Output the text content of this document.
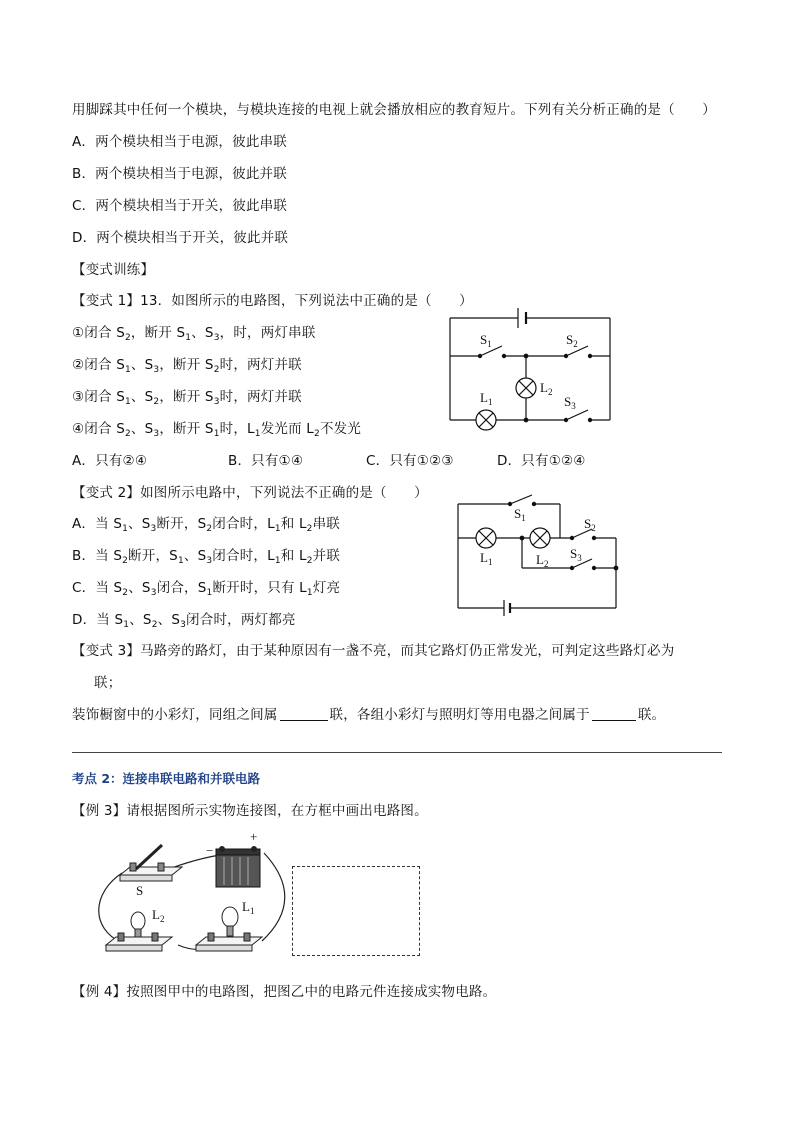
用脚踩其中任何一个模块，与模块连接的电视上就会播放相应的教育短片。下列有关分析正确的是（　　）
A．两个模块相当于电源，彼此串联
B．两个模块相当于电源，彼此并联
C．两个模块相当于开关，彼此串联
D．两个模块相当于开关，彼此并联
【变式训练】
【变式 1】13．如图所示的电路图，下列说法中正确的是（　　）
①闭合 $S_2$，断开 $S_1$、$S_3$，时，两灯串联
②闭合 $S_1$、$S_3$，断开 $S_2$时，两灯并联
③闭合 $S_1$、$S_2$，断开 $S_3$时，两灯并联
④闭合 $S_2$、$S_3$，断开 $S_1$时，$L_1$发光而 $L_2$不发光
A．只有②④	B．只有①④	C．只有①②③	D．只有①②④
$S_1$	$S_2$
$L_2$
$L_1$	$S_3$
【变式 2】如图所示电路中，下列说法不正确的是（　　）
A．当 $S_1$、$S_3$断开，$S_2$闭合时，$L_1$和 $L_2$串联
B．当 $S_2$断开，$S_1$、$S_3$闭合时，$L_1$和 $L_2$并联
C．当 $S_2$、$S_3$闭合，$S_1$断开时，只有 $L_1$灯亮
D．当 $S_1$、$S_2$、$S_3$闭合时，两灯都亮
$S_1$
$L_1$	$L_2$
$S_2$
$S_3$
【变式 3】马路旁的路灯，由于某种原因有一盏不亮，而其它路灯仍正常发光，可判定这些路灯必为
联；
装饰橱窗中的小彩灯，同组之间属	联，各组小彩灯与照明灯等用电器之间属于	联。
考点 2：连接串联电路和并联电路
【例 3】请根据图所示实物连接图，在方框中画出电路图。
S
−
+
$L_2$
$L_1$
【例 4】按照图甲中的电路图，把图乙中的电路元件连接成实物电路。
